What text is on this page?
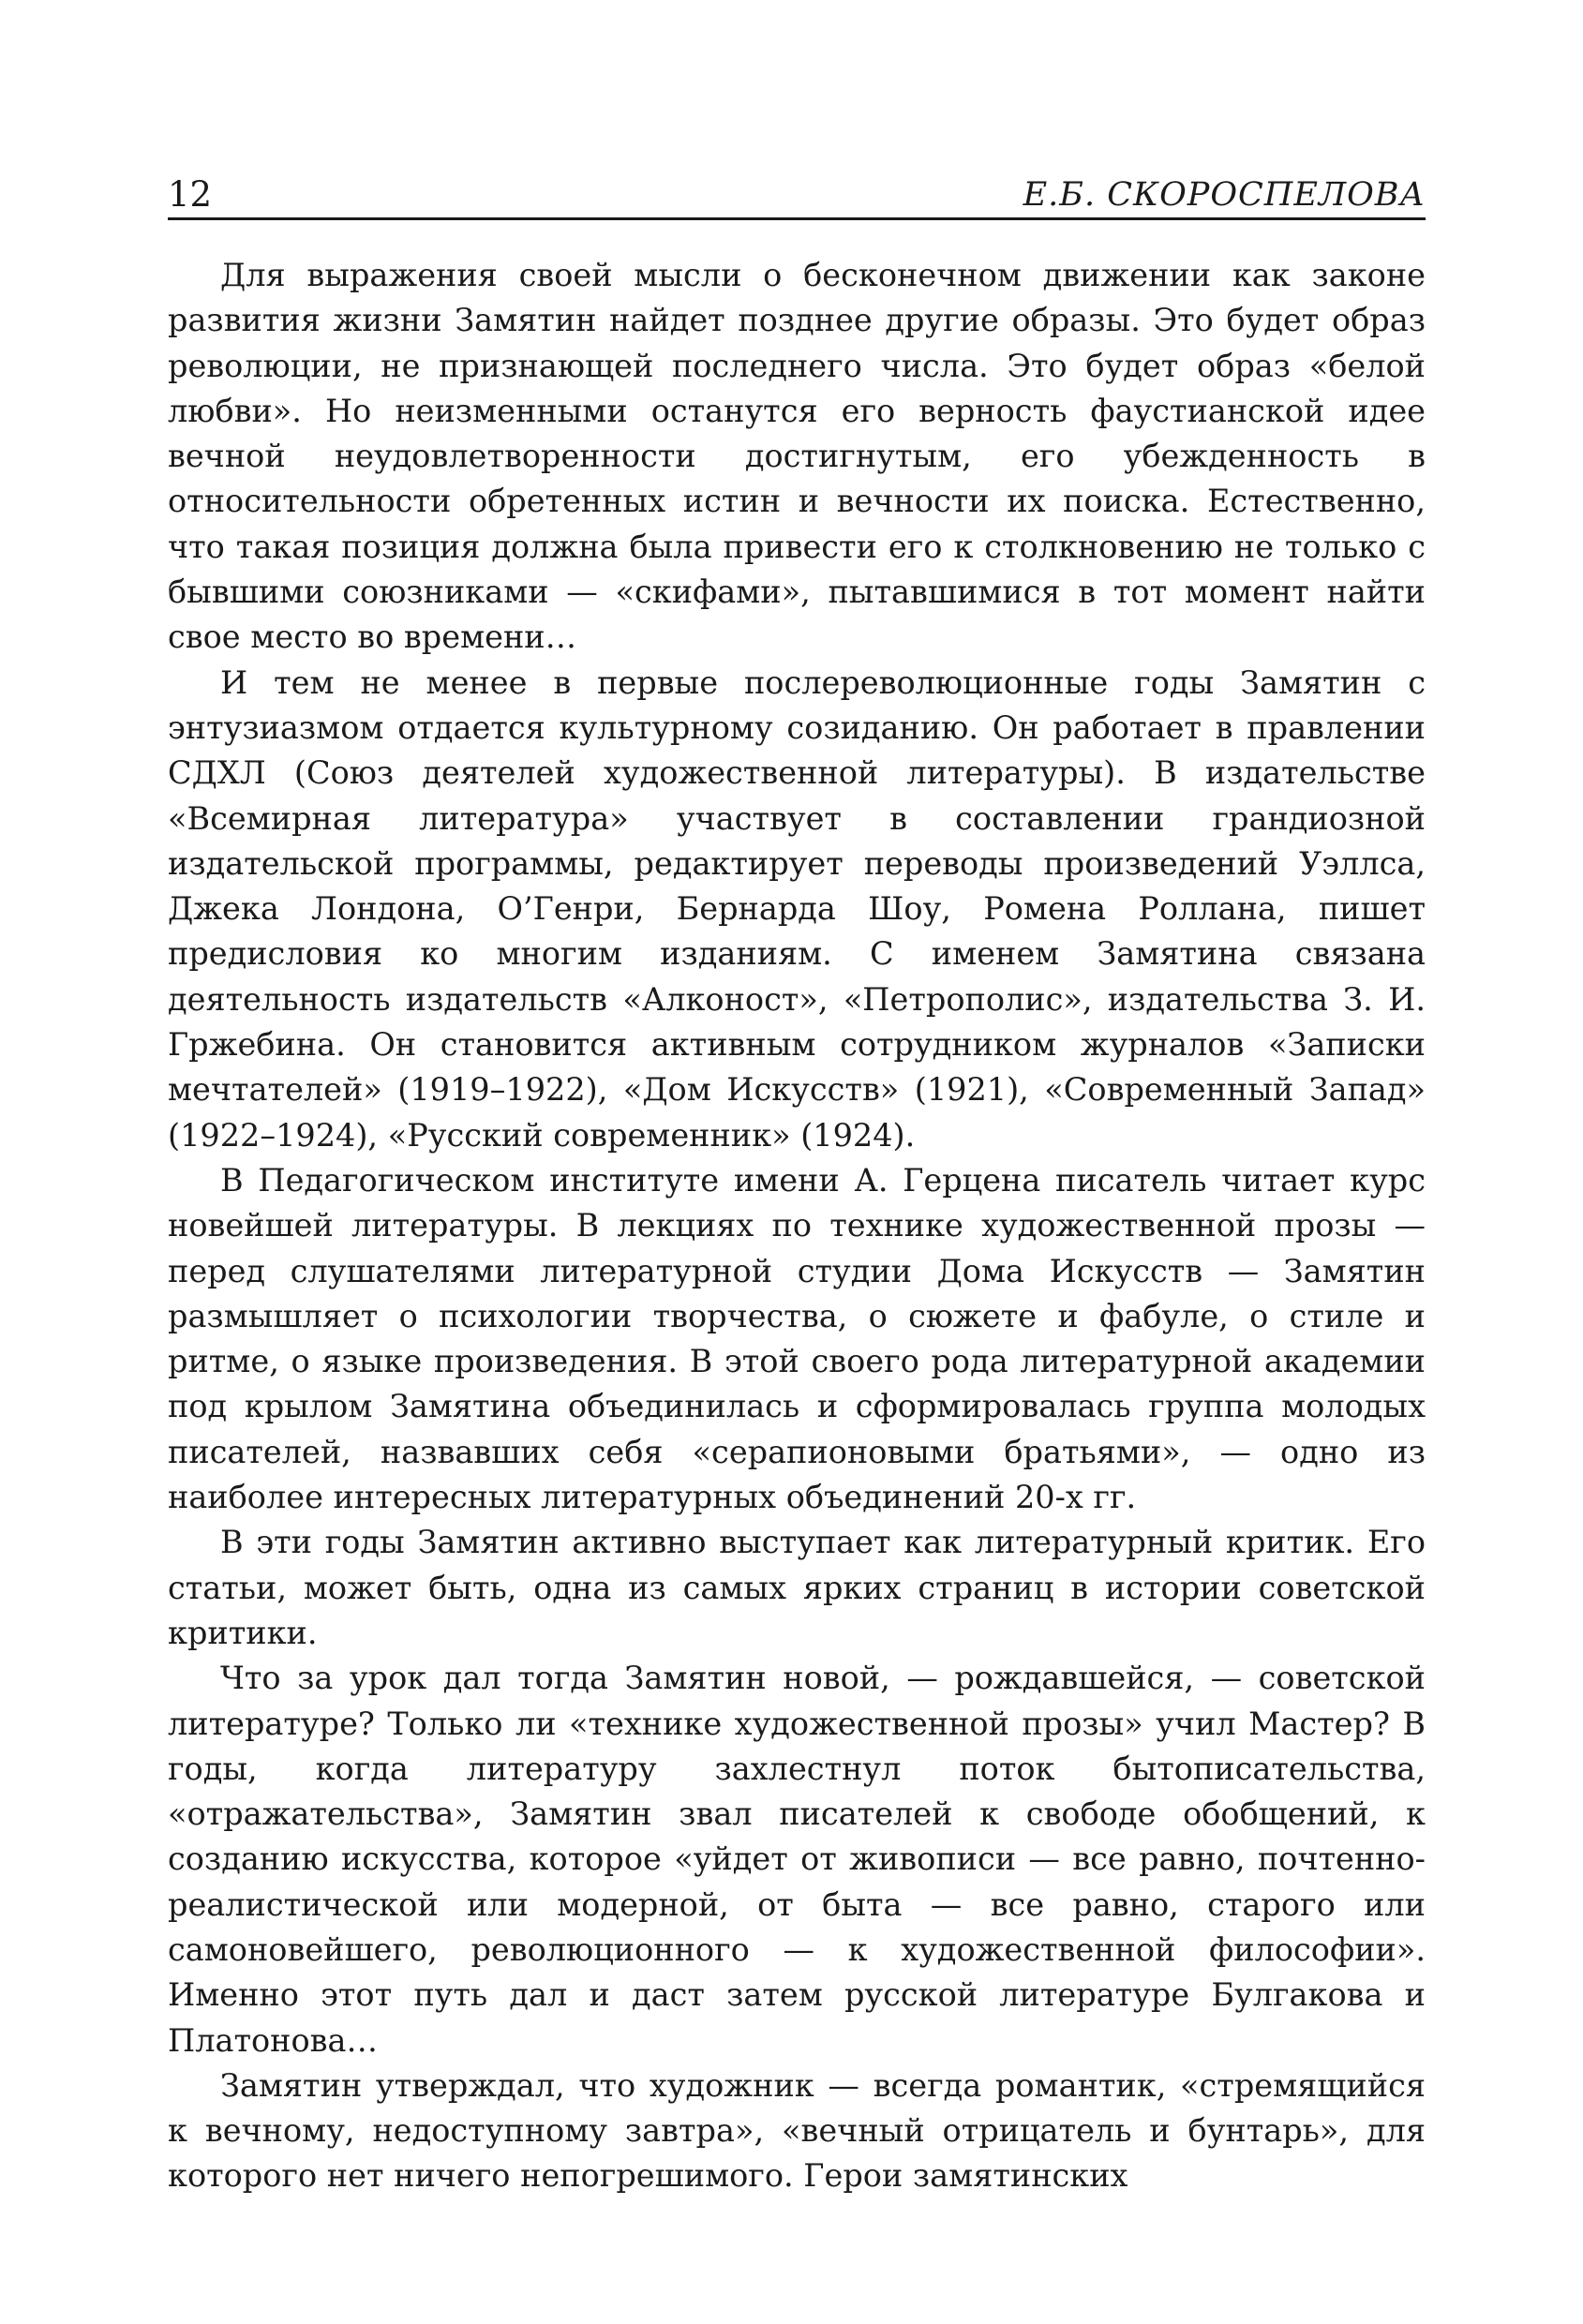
12	Е.Б. СКОРОСПЕЛОВА

Для выражения своей мысли о бесконечном движении как законе развития жизни Замятин найдет позднее другие образы. Это будет образ революции, не признающей последнего числа. Это будет образ «белой любви». Но неизменными останутся его верность фаустианской идее вечной неудовлетворенности достигнутым, его убежденность в относительности обретенных истин и вечности их поиска. Естественно, что такая позиция должна была привести его к столкновению не только с бывшими союзниками — «скифами», пытавшимися в тот момент найти свое место во времени…

И тем не менее в первые послереволюционные годы Замятин с энтузиазмом отдается культурному созиданию. Он работает в правлении СДХЛ (Союз деятелей художественной литературы). В издательстве «Всемирная литература» участвует в составлении грандиозной издательской программы, редактирует переводы произведений Уэллса, Джека Лондона, О’Генри, Бернарда Шоу, Ромена Роллана, пишет предисловия ко многим изданиям. С именем Замятина связана деятельность издательств «Алконост», «Петрополис», издательства З. И. Гржебина. Он становится активным сотрудником журналов «Записки мечтателей» (1919–1922), «Дом Искусств» (1921), «Современный Запад» (1922–1924), «Русский современник» (1924).

В Педагогическом институте имени А. Герцена писатель читает курс новейшей литературы. В лекциях по технике художественной прозы — перед слушателями литературной студии Дома Искусств — Замятин размышляет о психологии творчества, о сюжете и фабуле, о стиле и ритме, о языке произведения. В этой своего рода литературной академии под крылом Замятина объединилась и сформировалась группа молодых писателей, назвавших себя «серапионовыми братьями», — одно из наиболее интересных литературных объединений 20-х гг.

В эти годы Замятин активно выступает как литературный критик. Его статьи, может быть, одна из самых ярких страниц в истории советской критики.

Что за урок дал тогда Замятин новой, — рождавшейся, — советской литературе? Только ли «технике художественной прозы» учил Мастер? В годы, когда литературу захлестнул поток бытописательства, «отражательства», Замятин звал писателей к свободе обобщений, к созданию искусства, которое «уйдет от живописи — все равно, почтенно-реалистической или модерной, от быта — все равно, старого или самоновейшего, революционного — к художественной философии». Именно этот путь дал и даст затем русской литературе Булгакова и Платонова…

Замятин утверждал, что художник — всегда романтик, «стремящийся к вечному, недоступному завтра», «вечный отрицатель и бунтарь», для которого нет ничего непогрешимого. Герои замятинских
